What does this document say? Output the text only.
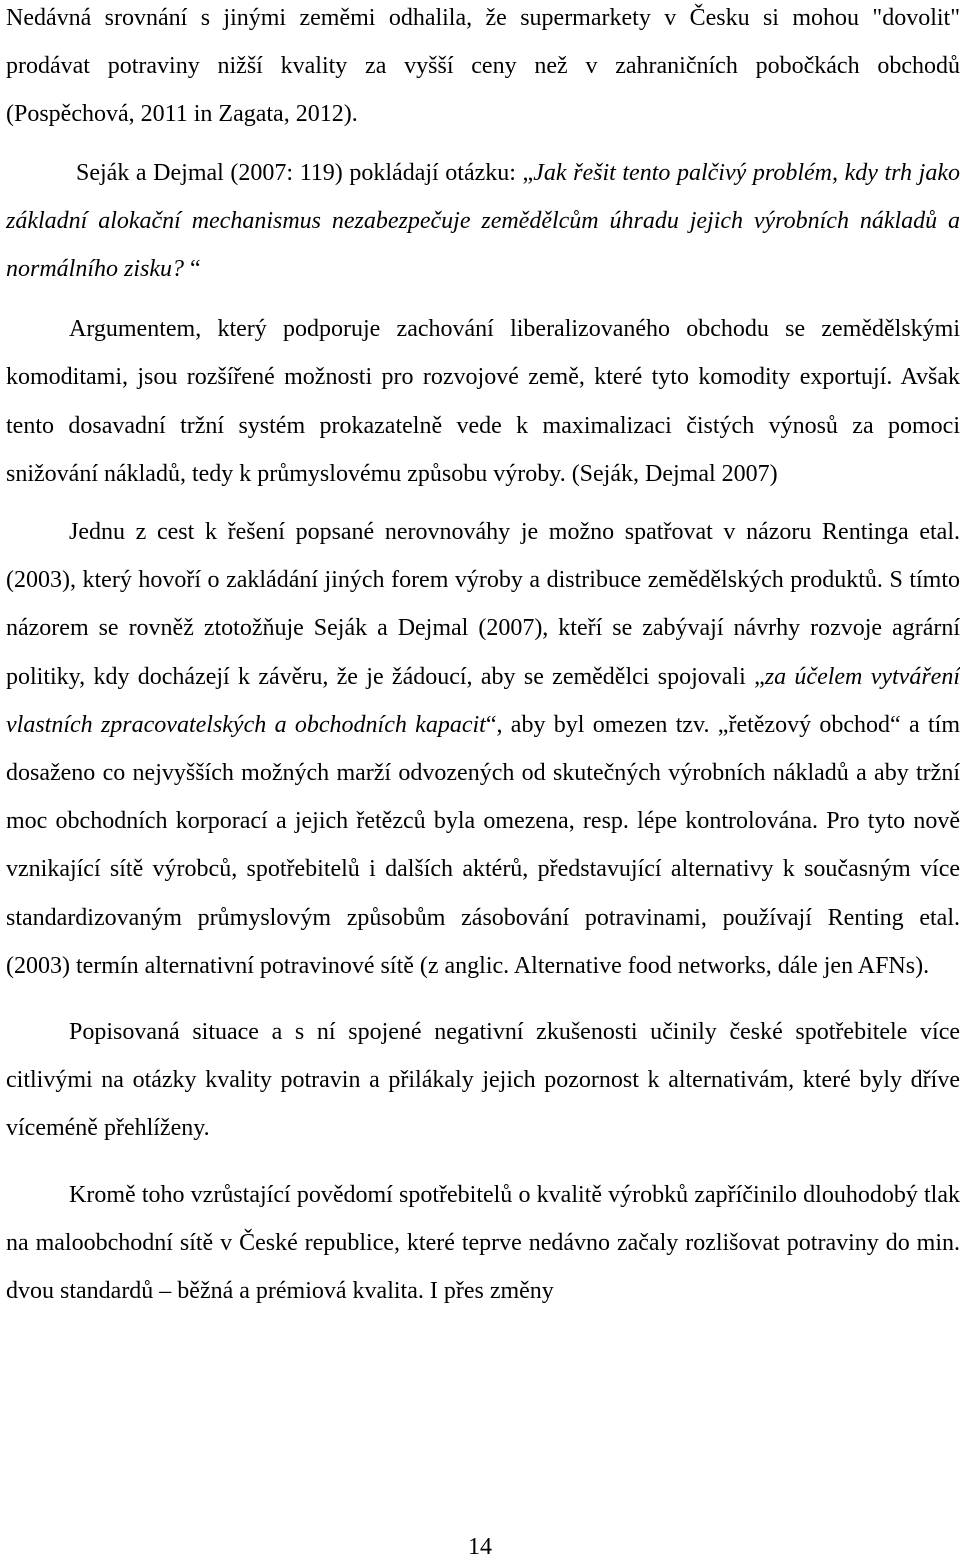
Nedávná srovnání s jinými zeměmi odhalila, že supermarkety v Česku si mohou "dovolit" prodávat potraviny nižší kvality za vyšší ceny než v zahraničních pobočkách obchodů (Pospěchová, 2011 in Zagata, 2012).

Seják a Dejmal (2007: 119) pokládají otázku: „Jak řešit tento palčivý problém, kdy trh jako základní alokační mechanismus nezabezpečuje zemědělcům úhradu jejich výrobních nákladů a normálního zisku? “

Argumentem, který podporuje zachování liberalizovaného obchodu se zemědělskými komoditami, jsou rozšířené možnosti pro rozvojové země, které tyto komodity exportují. Avšak tento dosavadní tržní systém prokazatelně vede k maximalizaci čistých výnosů za pomoci snižování nákladů, tedy k průmyslovému způsobu výroby. (Seják, Dejmal 2007)

Jednu z cest k řešení popsané nerovnováhy je možno spatřovat v názoru Rentinga etal. (2003), který hovoří o zakládání jiných forem výroby a distribuce zemědělských produktů. S tímto názorem se rovněž ztotožňuje Seják a Dejmal (2007), kteří se zabývají návrhy rozvoje agrární politiky, kdy docházejí k závěru, že je žádoucí, aby se zemědělci spojovali „za účelem vytváření vlastních zpracovatelských a obchodních kapacit“, aby byl omezen tzv. „řetězový obchod“ a tím dosaženo co nejvyšších možných marží odvozených od skutečných výrobních nákladů a aby tržní moc obchodních korporací a jejich řetězců byla omezena, resp. lépe kontrolována. Pro tyto nově vznikající sítě výrobců, spotřebitelů i dalších aktérů, představující alternativy k současným více standardizovaným průmyslovým způsobům zásobování potravinami, používají Renting etal. (2003) termín alternativní potravinové sítě (z anglic. Alternative food networks, dále jen AFNs).

Popisovaná situace a s ní spojené negativní zkušenosti učinily české spotřebitele více citlivými na otázky kvality potravin a přilákaly jejich pozornost k alternativám, které byly dříve víceméně přehlíženy.

Kromě toho vzrůstající povědomí spotřebitelů o kvalitě výrobků zapříčinilo dlouhodobý tlak na maloobchodní sítě v České republice, které teprve nedávno začaly rozlišovat potraviny do min. dvou standardů – běžná a prémiová kvalita. I přes změny

14
